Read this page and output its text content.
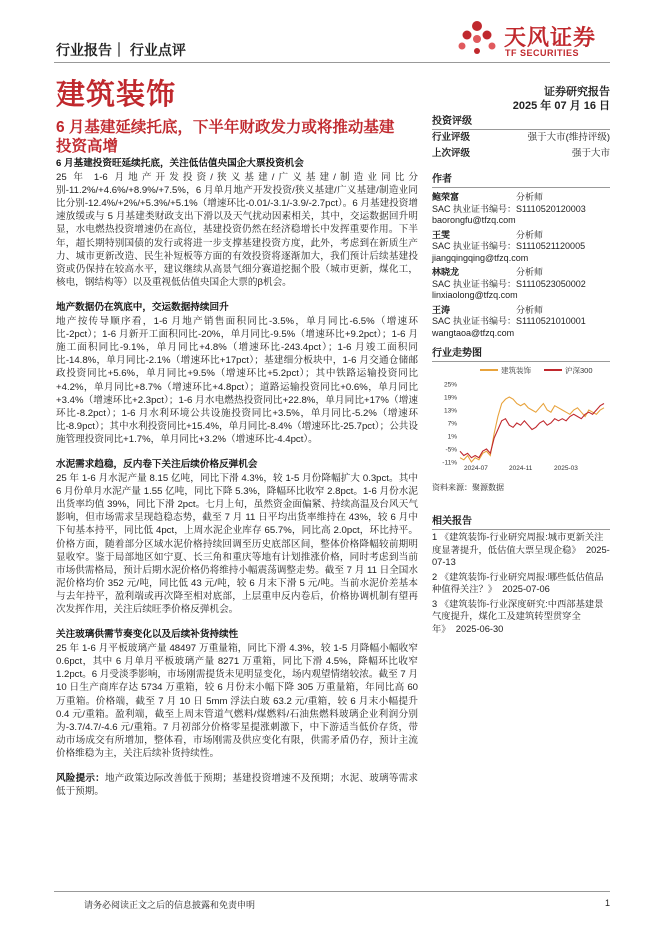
行业报告｜ 行业点评	天风证券
TF SECURITIES
建筑装饰	证券研究报告
2025 年 07 月 16 日
6 月基建延续托底，下半年财政发力或将推动基建投资高增

6 月基建投资旺延续托底，关注低估值央国企大票投资机会
25 年 1-6 月地产开发投资/狭义基建/广义基建/制造业同比分别-11.2%/+4.6%/+8.9%/+7.5%，6 月单月地产开发投资/狭义基建/广义基建/制造业同比分别-12.4%/+2%/+5.3%/+5.1%（增速环比-0.01/-3.1/-3.9/-2.7pct）。6 月基建投资增速放缓或与 5 月基建类财政支出下滑以及天气扰动因素相关，其中，交运数据回升明显，水电燃热投资增速仍在高位，基建投资仍然在经济稳增长中发挥重要作用。下半年，超长期特别国债的发行或将进一步支撑基建投资方度，此外，考虑到在新质生产力、城市更新改造、民生补短板等方面的有效投资将逐渐加大，我们预计后续基建投资或仍保持在较高水平，建议继续从高景气细分赛道挖掘个股（城市更新，煤化工，核电，钢结构等）以及重视低估值央国企大票的β机会。

地产数据仍在筑底中，交运数据持续回升
地产按传导顺序看，1-6 月地产销售面积同比-3.5%，单月同比-6.5%（增速环比-2pct）；1-6 月新开工面积同比-20%，单月同比-9.5%（增速环比+9.2pct）；1-6 月施工面积同比-9.1%，单月同比+4.8%（增速环比-243.4pct）；1-6 月竣工面积同比-14.8%，单月同比-2.1%（增速环比+17pct）；基建细分板块中，1-6 月交通仓储邮政投资同比+5.6%，单月同比+9.5%（增速环比+5.2pct）；其中铁路运输投资同比+4.2%，单月同比+8.7%（增速环比+4.8pct）；道路运输投资同比+0.6%，单月同比+3.4%（增速环比+2.3pct）；1-6 月水电燃热投资同比+22.8%，单月同比+17%（增速环比-8.2pct）；1-6 月水利环境公共设施投资同比+3.5%，单月同比-5.2%（增速环比-8.9pct）；其中水利投资同比+15.4%，单月同比-8.4%（增速环比-25.7pct）；公共设施管理投资同比+1.7%，单月同比+3.2%（增速环比-4.4pct）。

水泥需求趋稳，反内卷下关注后续价格反弹机会
25 年 1-6 月水泥产量 8.15 亿吨，同比下滑 4.3%，较 1-5 月份降幅扩大 0.3pct。其中 6 月份单月水泥产量 1.55 亿吨，同比下降 5.3%，降幅环比收窄 2.8pct。1-6 月份水泥出货率均值 39%，同比下滑 2pct。七月上旬，虽然资金面偏紧、持续高温及台风天气影响，但市场需求呈现趋稳态势，截至 7 月 11 日平均出货率维持在 43%，较 6 月中下旬基本持平，同比低 4pct，上周水泥企业库存 65.7%，同比高 2.0pct，环比持平。价格方面，随着部分区域水泥价格持续回调至历史底部区间，整体价格降幅较前期明显收窄。鉴于局部地区如宁夏、长三角和重庆等地有计划推涨价格，同时考虑到当前市场供需格局，预计后期水泥价格仍将维持小幅震荡调整走势。截至 7 月 11 日全国水泥价格均价 352 元/吨，同比低 43 元/吨，较 6 月末下滑 5 元/吨。当前水泥价差基本与去年持平，盈利端或再次降至相对底部，上层重申反内卷后，价格协调机制有望再次发挥作用，关注后续旺季价格反弹机会。

关注玻璃供需节奏变化以及后续补货持续性
25 年 1-6 月平板玻璃产量 48497 万重量箱，同比下滑 4.3%，较 1-5 月降幅小幅收窄 0.6pct，其中 6 月单月平板玻璃产量 8271 万重箱，同比下滑 4.5%，降幅环比收窄 1.2pct。6 月受淡季影响，市场刚需提货未见明显变化，场内观望情绪较浓。截至 7 月 10 日生产商库存达 5734 万重箱，较 6 月份末小幅下降 305 万重量箱，年同比高 60 万重箱。价格端，截至 7 月 10 日 5mm 浮法白玻 63.2 元/重箱，较 6 月末小幅提升 0.4 元/重箱。盈利端，截至上周末管道气燃料/煤燃料/石油焦燃料玻璃企业利润分别为-3.7/4.7/-4.6 元/重箱。7 月初部分价格零星提涨刺激下，中下游适当低价存货，带动市场成交有所增加，整体看，市场刚需及供应变化有限，供需矛盾仍存，预计主流价格维稳为主，关注后续补货持续性。

风险提示：地产政策边际改善低于预期；基建投资增速不及预期；水泥、玻璃等需求低于预期。

投资评级
行业评级	强于大市(维持评级)
上次评级	强于大市
作者
鲍荣富	分析师
SAC 执业证书编号：S1110520120003
baorongfu@tfzq.com
王雯	分析师
SAC 执业证书编号：S1110521120005
jiangqingqing@tfzq.com
林晓龙	分析师
SAC 执业证书编号：S1110523050002
linxiaolong@tfzq.com
王涛	分析师
SAC 执业证书编号：S1110521010001
wangtaoa@tfzq.com
行业走势图
建筑装饰	沪深300
25%
19%
13%
7%
1%
-5%
-11%
2024-07	2024-11	2025-03
资料来源：聚源数据
相关报告
1 《建筑装饰-行业研究周报:城市更新关注度显著提升，低估值大票呈现企稳》 2025-07-13
2 《建筑装饰-行业研究周报:哪些低估值品种值得关注？》 2025-07-06
3 《建筑装饰-行业深度研究:中西部基建景气度提升，煤化工及建筑转型贯穿全年》 2025-06-30
请务必阅读正文之后的信息披露和免责申明	1
